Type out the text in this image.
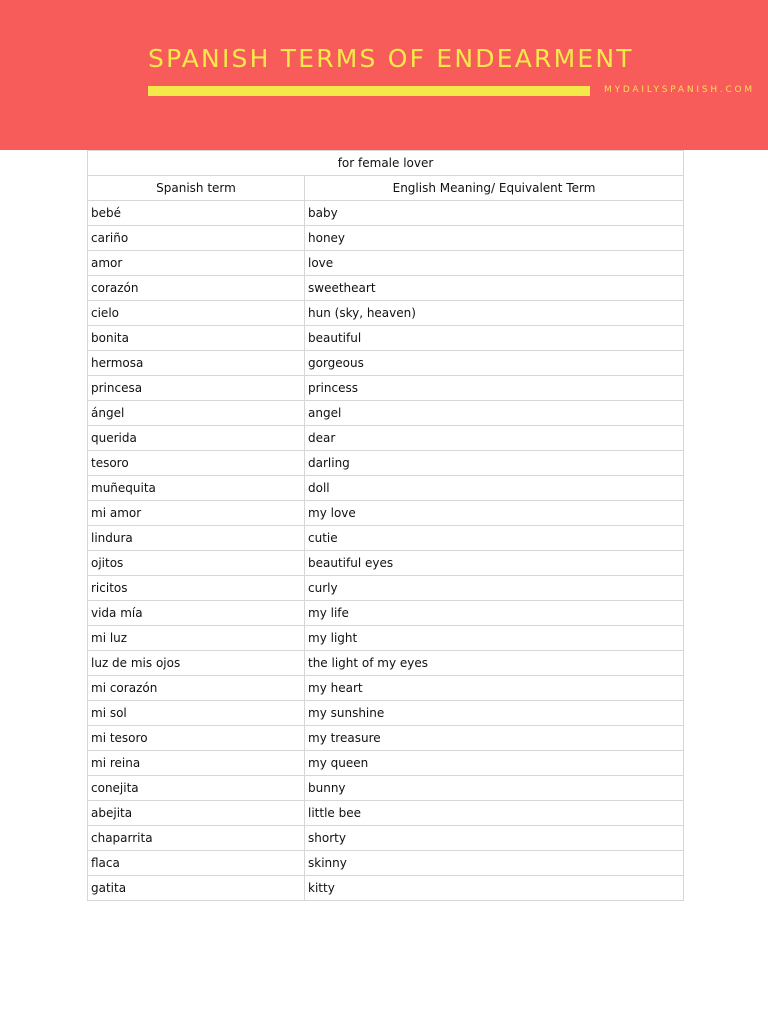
SPANISH TERMS OF ENDEARMENT
MYDAILYSPANISH.COM
for female lover	
Spanish term	English Meaning/ Equivalent Term
bebé	baby
cariño	honey
amor	love
corazón	sweetheart
cielo	hun (sky, heaven)
bonita	beautiful
hermosa	gorgeous
princesa	princess
ángel	angel
querida	dear
tesoro	darling
muñequita	doll
mi amor	my love
lindura	cutie
ojitos	beautiful eyes
ricitos	curly
vida mía	my life
mi luz	my light
luz de mis ojos	the light of my eyes
mi corazón	my heart
mi sol	my sunshine
mi tesoro	my treasure
mi reina	my queen
conejita	bunny
abejita	little bee
chaparrita	shorty
flaca	skinny
gatita	kitty
